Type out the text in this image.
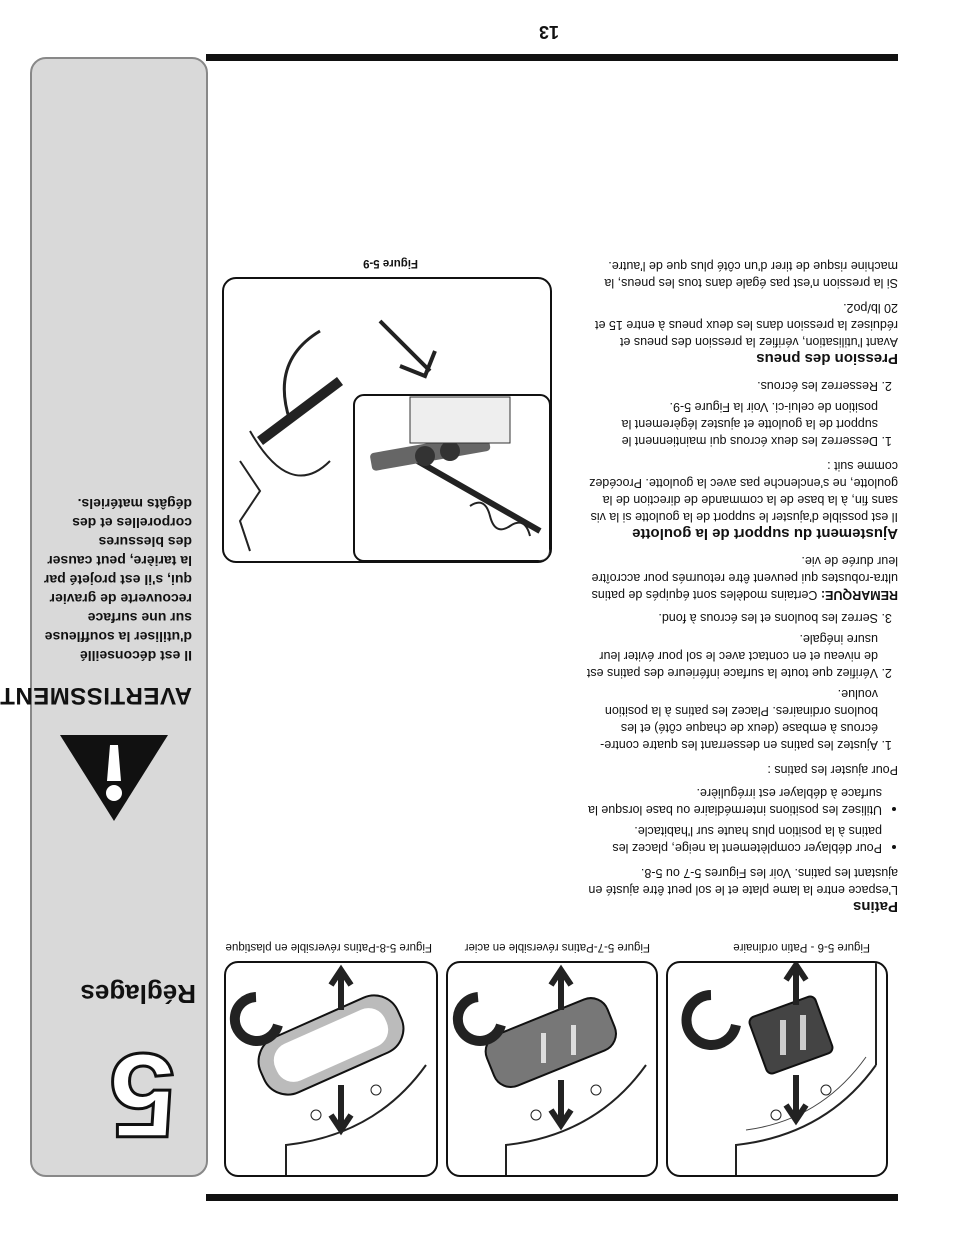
13
5
Réglages
AVERTISSMENT
Il est déconseillé d'utiliser la souffleuse sur une surface recouverte de gravier qui, s'il est projeté par la tarière, peut causer des blessures corporelles et des dégâts matériels.
Figure 5-6 - Patin ordinaire
Figure 5-7-Patins réversible en acier
Figure 5-8-Patins réversible en plastique
Figure 5-9
Patins

L'espace entre la lame plate et le sol peut être ajusté en ajustant les patins. Voir les Figures 5-7 ou 5-8.

• Pour déblayer complètement la neige, placez les patins à la position plus haute sur l'habitacle.
• Utilisez les positions intermédiaire ou base lorsque la surface à déblayer est irrégulière.

Pour ajuster les patins :

1. Ajustez les patins en desserrant les quatre contre-écrous à embase (deux de chaque côté) et les boulons ordinaires. Placez les patins à la position voulue.
2. Vérifiez que toute la surface inférieure des patins est de niveau et en contact avec le sol pour éviter leur usure inégale.
3. Serrez les boulons et les écrous à fond.

REMARQUE: Certains modèles sont équipés de patins ultra-robustes qui peuvent être retournés pour accroître leur durée de vie.

Ajustement du support de la goulotte

Il est possible d'ajuster le support de la goulotte si la vis sans fin, à la base de la commande de direction de la goulotte, ne s'enclenche pas avec la goulotte. Procédez comme suit :

1. Desserrez les deux écrous qui maintiennent le support de la goulotte et ajustez légèrement la position de celui-ci. Voir la Figure 5-9.
2. Resserrez les écrous.
Pression des pneus

Avant l'utilisation, vérifiez la pression des pneus et réduisez la pression dans les deux pneus à entre 15 et 20 lb/po2.

Si la pression n'est pas égale dans tous les pneus, la machine risque de tirer d'un côté plus que de l'autre.
